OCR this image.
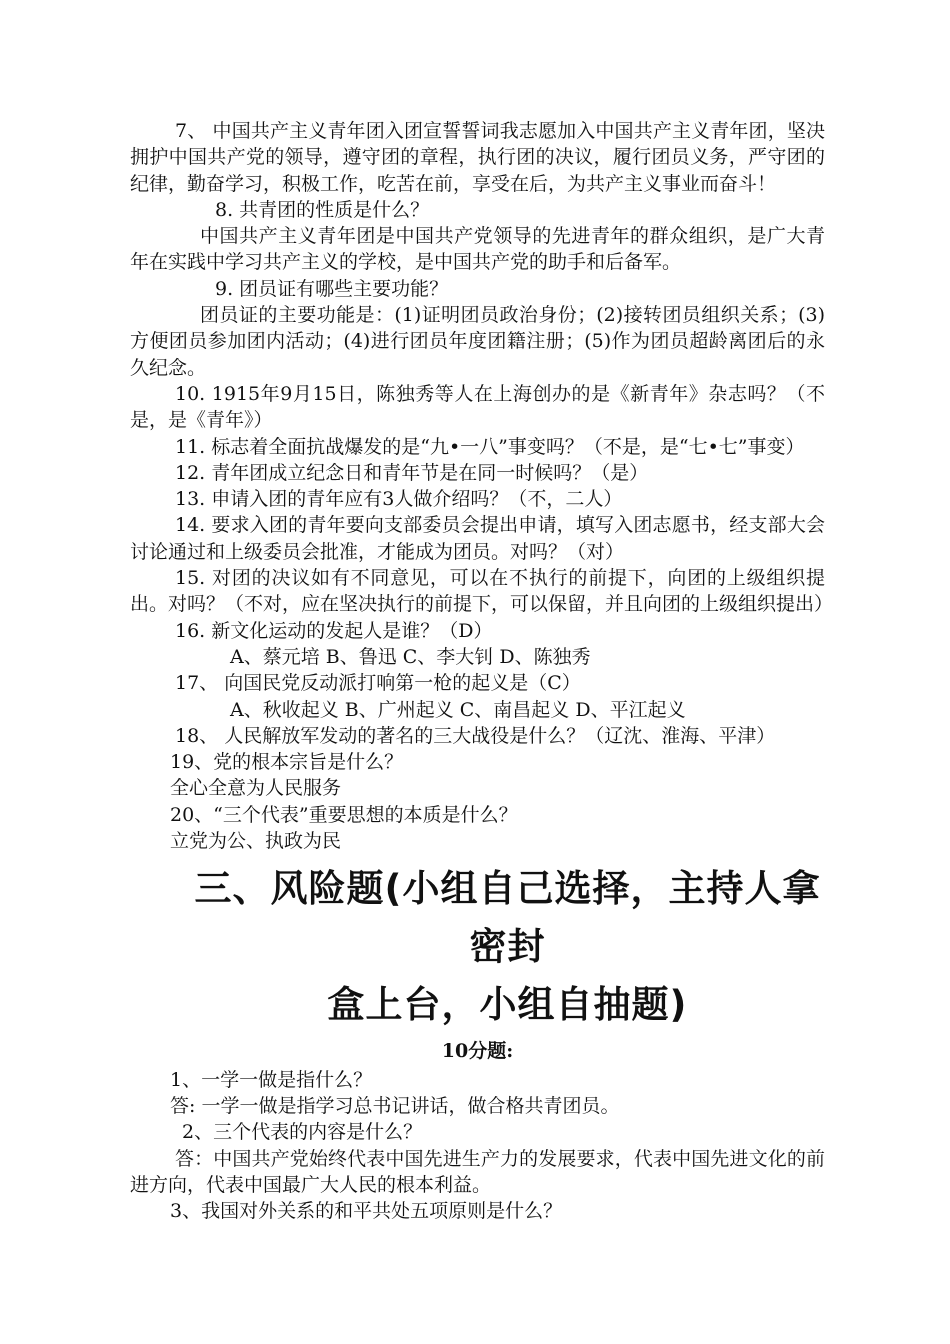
7、 中国共产主义青年团入团宣誓誓词我志愿加入中国共产主义青年团，坚决拥护中国共产党的领导，遵守团的章程，执行团的决议，履行团员义务，严守团的纪律，勤奋学习，积极工作，吃苦在前，享受在后，为共产主义事业而奋斗！

8. 共青团的性质是什么？

中国共产主义青年团是中国共产党领导的先进青年的群众组织，是广大青年在实践中学习共产主义的学校，是中国共产党的助手和后备军。

9. 团员证有哪些主要功能？

团员证的主要功能是：(1)证明团员政治身份；(2)接转团员组织关系；(3)方便团员参加团内活动；(4)进行团员年度团籍注册；(5)作为团员超龄离团后的永久纪念。

10. 1915年9月15日，陈独秀等人在上海创办的是《新青年》杂志吗？（不是，是《青年》）

11. 标志着全面抗战爆发的是“九•一八”事变吗？（不是，是“七•七”事变）

12. 青年团成立纪念日和青年节是在同一时候吗？（是）

13. 申请入团的青年应有3人做介绍吗？（不，二人）

14. 要求入团的青年要向支部委员会提出申请，填写入团志愿书，经支部大会讨论通过和上级委员会批准，才能成为团员。对吗？（对）

15. 对团的决议如有不同意见，可以在不执行的前提下，向团的上级组织提出。对吗？（不对，应在坚决执行的前提下，可以保留，并且向团的上级组织提出）

16. 新文化运动的发起人是谁？（D）

A、蔡元培 B、鲁迅 C、李大钊 D、陈独秀

17、 向国民党反动派打响第一枪的起义是（C）

A、秋收起义 B、广州起义 C、南昌起义 D、平江起义

18、 人民解放军发动的著名的三大战役是什么？（辽沈、淮海、平津）

19、党的根本宗旨是什么？

全心全意为人民服务

20、“三个代表”重要思想的本质是什么？

立党为公、执政为民

三、风险题(小组自己选择，主持人拿密封
盒上台，小组自抽题)

10分题:

1、一学一做是指什么？

答: 一学一做是指学习总书记讲话，做合格共青团员。

2、三个代表的内容是什么？

答：中国共产党始终代表中国先进生产力的发展要求，代表中国先进文化的前进方向，代表中国最广大人民的根本利益。

3、我国对外关系的和平共处五项原则是什么？
